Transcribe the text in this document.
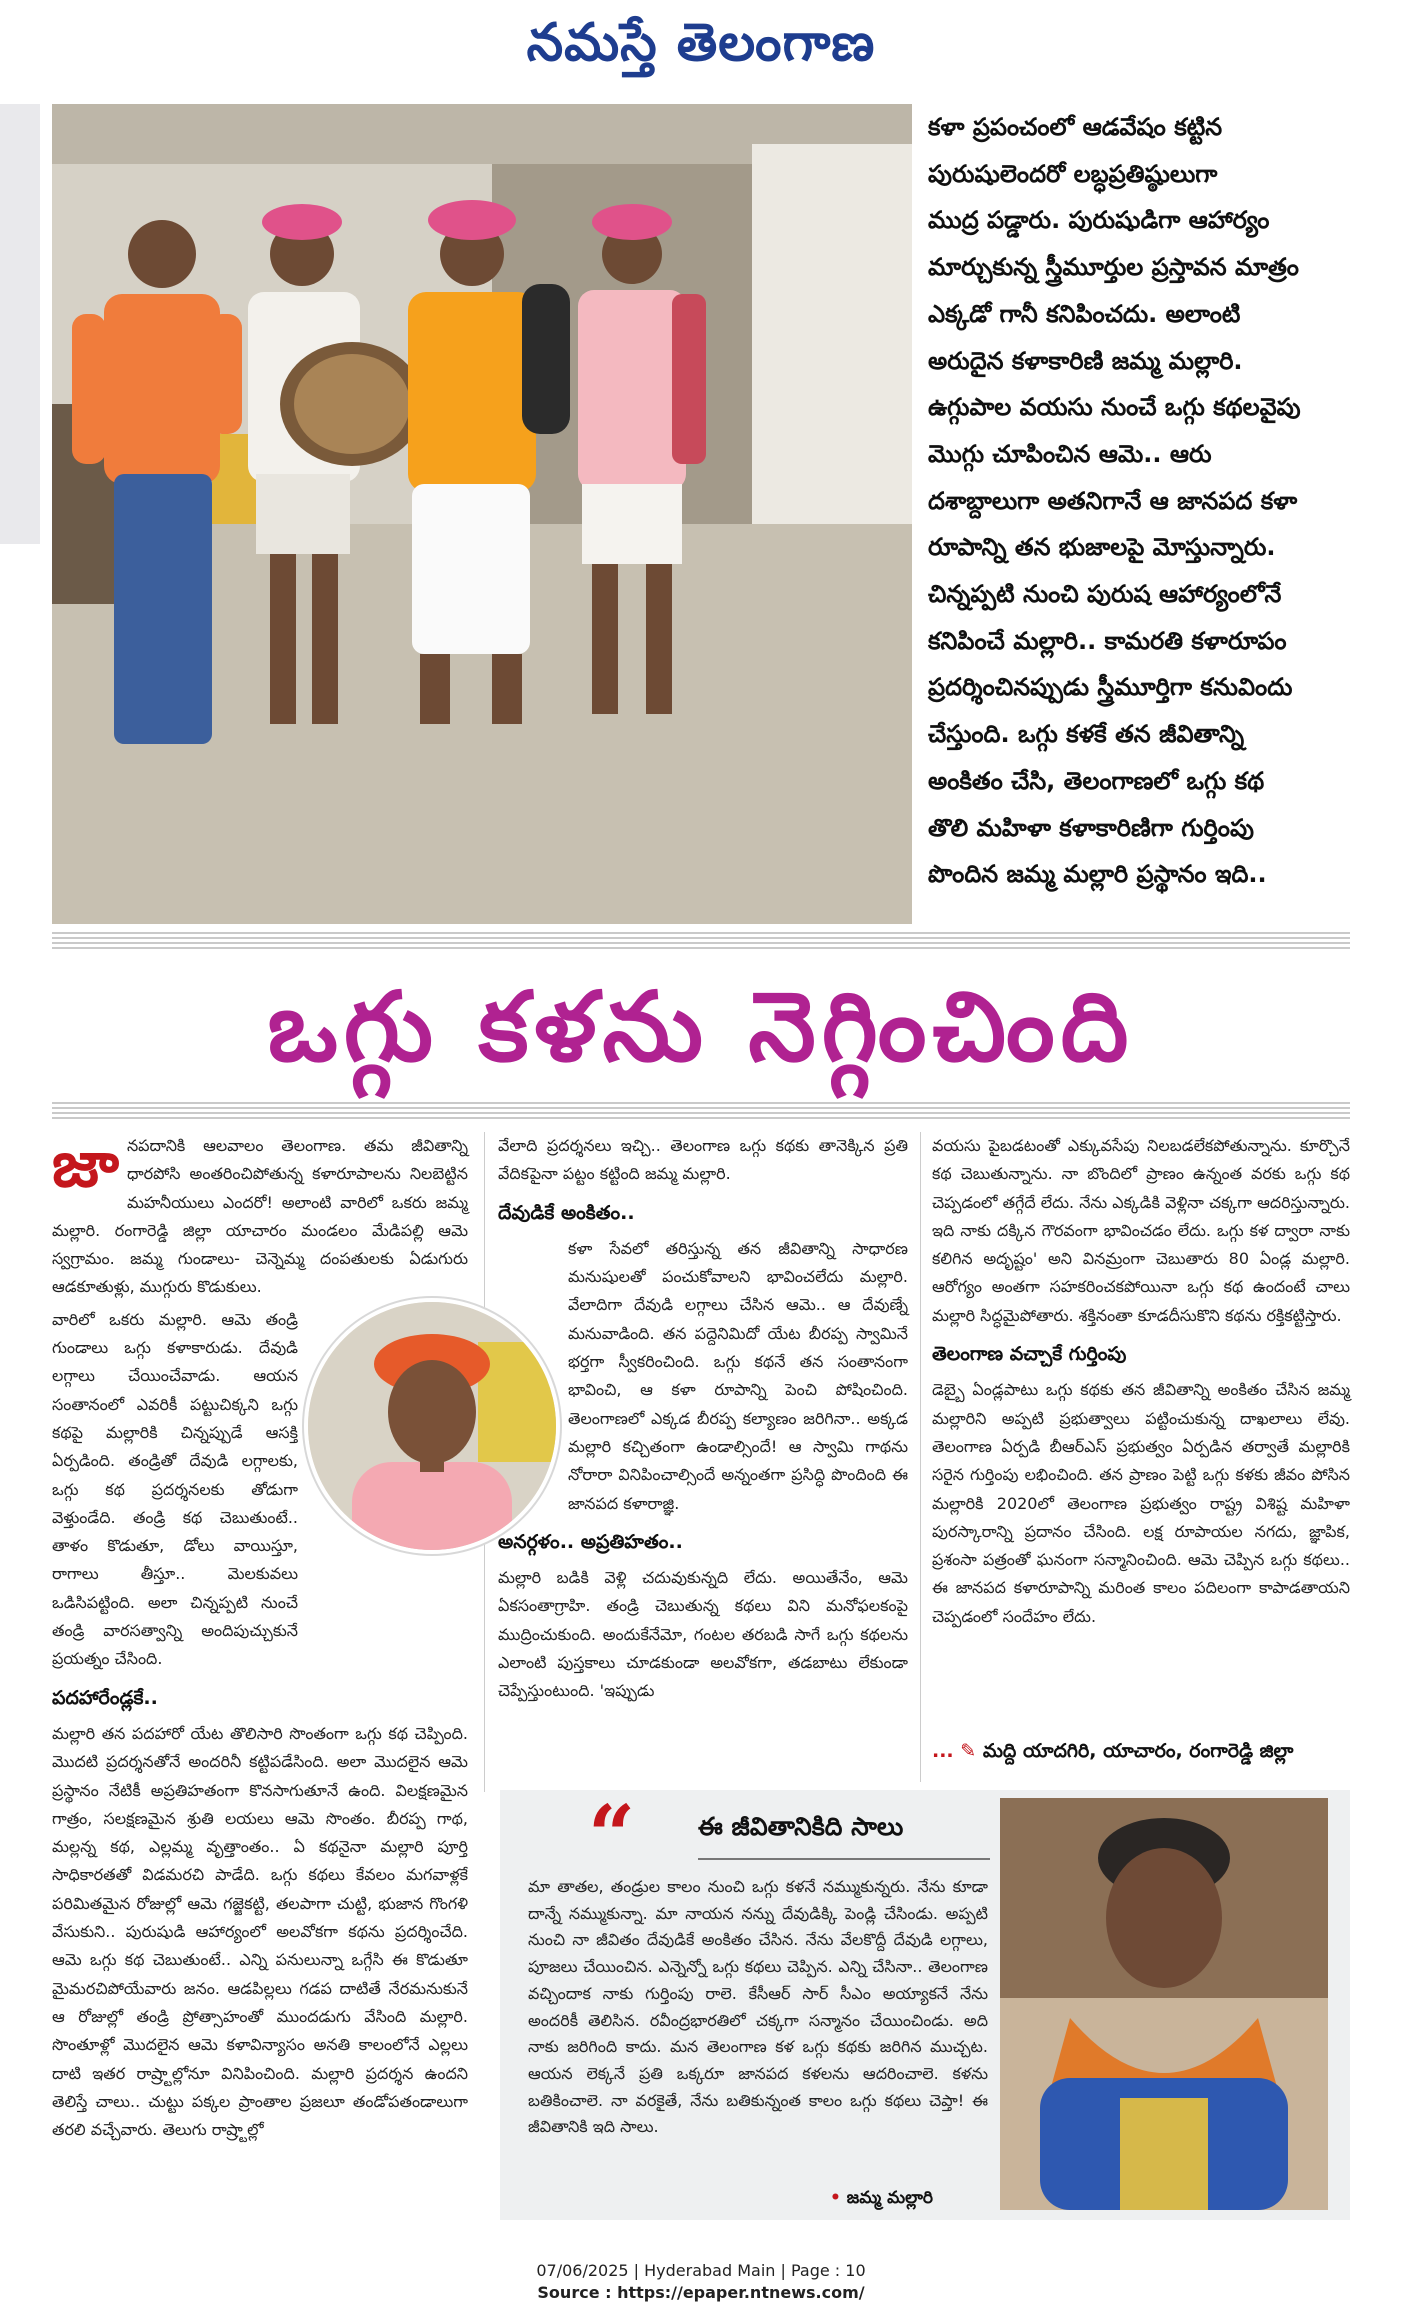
నమస్తే తెలంగాణ

కళా ప్రపంచంలో ఆడవేషం కట్టిన

పురుషులెందరో లబ్ధప్రతిష్ఠులుగా

ముద్ర పడ్డారు. పురుషుడిగా ఆహార్యం

మార్చుకున్న స్త్రీమూర్తుల ప్రస్తావన మాత్రం

ఎక్కడో గానీ కనిపించదు. అలాంటి

అరుదైన కళాకారిణి జమ్మ మల్లారి.

ఉగ్గుపాల వయసు నుంచే ఒగ్గు కథలవైపు

మొగ్గు చూపించిన ఆమె.. ఆరు

దశాబ్దాలుగా అతనిగానే ఆ జానపద కళా

రూపాన్ని తన భుజాలపై మోస్తున్నారు.

చిన్నప్పటి నుంచి పురుష ఆహార్యంలోనే

కనిపించే మల్లారి.. కామరతి కళారూపం

ప్రదర్శించినప్పుడు స్త్రీమూర్తిగా కనువిందు

చేస్తుంది. ఒగ్గు కళకే తన జీవితాన్ని

అంకితం చేసి, తెలంగాణలో ఒగ్గు కథ

తొలి మహిళా కళాకారిణిగా గుర్తింపు

పొందిన జమ్మ మల్లారి ప్రస్థానం ఇది..

ఒగ్గు కళను నెగ్గించింది

జానపదానికి ఆలవాలం తెలంగాణ. తమ జీవితాన్ని ధారపోసి అంతరించిపోతున్న కళారూపాలను నిలబెట్టిన మహనీయులు ఎందరో! అలాంటి వారిలో ఒకరు జమ్మ మల్లారి. రంగారెడ్డి జిల్లా యాచారం మండలం మేడిపల్లి ఆమె స్వగ్రామం. జమ్మ గుండాలు- చెన్నెమ్మ దంపతులకు ఏడుగురు ఆడకూతుళ్లు, ముగ్గురు కొడుకులు.

వారిలో ఒకరు మల్లారి. ఆమె తండ్రి గుండాలు ఒగ్గు కళాకారుడు. దేవుడి లగ్గాలు చేయించేవాడు. ఆయన సంతానంలో ఎవరికీ పట్టుచిక్కని ఒగ్గు కథపై మల్లారికి చిన్నప్పుడే ఆసక్తి ఏర్పడింది. తండ్రితో దేవుడి లగ్గాలకు, ఒగ్గు కథ ప్రదర్శనలకు తోడుగా వెళ్తుండేది. తండ్రి కథ చెబుతుంటే.. తాళం కొడుతూ, డోలు వాయిస్తూ, రాగాలు తీస్తూ.. మెలకువలు ఒడిసిపట్టింది. అలా చిన్నప్పటి నుంచే తండ్రి వారసత్వాన్ని అందిపుచ్చుకునే ప్రయత్నం చేసింది.

పదహారేండ్లకే..

మల్లారి తన పదహారో యేట తొలిసారి సొంతంగా ఒగ్గు కథ చెప్పింది. మొదటి ప్రదర్శనతోనే అందరినీ కట్టిపడేసింది. అలా మొదలైన ఆమె ప్రస్థానం నేటికీ అప్రతిహతంగా కొనసాగుతూనే ఉంది. విలక్షణమైన గాత్రం, సలక్షణమైన శ్రుతి లయలు ఆమె సొంతం. బీరప్ప గాథ, మల్లన్న కథ, ఎల్లమ్మ వృత్తాంతం.. ఏ కథనైనా మల్లారి పూర్తి సాధికారతతో విడమరచి పాడేది. ఒగ్గు కథలు కేవలం మగవాళ్లకే పరిమితమైన రోజుల్లో ఆమె గజ్జెకట్టి, తలపాగా చుట్టి, భుజాన గొంగళి వేసుకుని.. పురుషుడి ఆహార్యంలో అలవోకగా కథను ప్రదర్శించేది. ఆమె ఒగ్గు కథ చెబుతుంటే.. ఎన్ని పనులున్నా ఒగ్గేసి ఈ కొడుతూ మైమరచిపోయేవారు జనం. ఆడపిల్లలు గడప దాటితే నేరమనుకునే ఆ రోజుల్లో తండ్రి ప్రోత్సాహంతో ముందడుగు వేసింది మల్లారి. సొంతూళ్లో మొదలైన ఆమె కళావిన్యాసం అనతి కాలంలోనే ఎల్లలు దాటి ఇతర రాష్ర్టాల్లోనూ వినిపించింది. మల్లారి ప్రదర్శన ఉందని తెలిస్తే చాలు.. చుట్టు పక్కల ప్రాంతాల ప్రజలూ తండోపతండాలుగా తరలి వచ్చేవారు. తెలుగు రాష్ర్టాల్లో

వేలాది ప్రదర్శనలు ఇచ్చి.. తెలంగాణ ఒగ్గు కథకు తానెక్కిన ప్రతి వేదికపైనా పట్టం కట్టింది జమ్మ మల్లారి.

దేవుడికే అంకితం..

కళా సేవలో తరిస్తున్న తన జీవితాన్ని సాధారణ మనుషులతో పంచుకోవాలని భావించలేదు మల్లారి. వేలాదిగా దేవుడి లగ్గాలు చేసిన ఆమె.. ఆ దేవుణ్నే మనువాడింది. తన పద్దెనిమిదో యేట బీరప్ప స్వామినే భర్తగా స్వీకరించింది. ఒగ్గు కథనే తన సంతానంగా భావించి, ఆ కళా రూపాన్ని పెంచి పోషించింది. తెలంగాణలో ఎక్కడ బీరప్ప కల్యాణం జరిగినా.. అక్కడ మల్లారి కచ్చితంగా ఉండాల్సిందే! ఆ స్వామి గాథను నోరారా వినిపించాల్సిందే అన్నంతగా ప్రసిద్ధి పొందింది ఈ జానపద కళారాజ్ఞి.

అనర్గళం.. అప్రతిహతం..

మల్లారి బడికి వెళ్లి చదువుకున్నది లేదు. అయితేనేం, ఆమె ఏకసంతాగ్రాహి. తండ్రి చెబుతున్న కథలు విని మనోఫలకంపై ముద్రించుకుంది. అందుకేనేమో, గంటల తరబడి సాగే ఒగ్గు కథలను ఎలాంటి పుస్తకాలు చూడకుండా అలవోకగా, తడబాటు లేకుండా చెప్పేస్తుంటుంది. 'ఇప్పుడు

వయసు పైబడటంతో ఎక్కువసేపు నిలబడలేకపోతున్నాను. కూర్చొనే కథ చెబుతున్నాను. నా బొందిలో ప్రాణం ఉన్నంత వరకు ఒగ్గు కథ చెప్పడంలో తగ్గేదే లేదు. నేను ఎక్కడికి వెళ్లినా చక్కగా ఆదరిస్తున్నారు. ఇది నాకు దక్కిన గౌరవంగా భావించడం లేదు. ఒగ్గు కళ ద్వారా నాకు కలిగిన అదృష్టం' అని వినమ్రంగా చెబుతారు 80 ఏండ్ల మల్లారి. ఆరోగ్యం అంతగా సహకరించకపోయినా ఒగ్గు కథ ఉందంటే చాలు మల్లారి సిద్ధమైపోతారు. శక్తినంతా కూడదీసుకొని కథను రక్తికట్టిస్తారు.

తెలంగాణ వచ్చాకే గుర్తింపు

డెబ్బై ఏండ్లపాటు ఒగ్గు కథకు తన జీవితాన్ని అంకితం చేసిన జమ్మ మల్లారిని అప్పటి ప్రభుత్వాలు పట్టించుకున్న దాఖలాలు లేవు. తెలంగాణ ఏర్పడి బీఆర్ఎస్ ప్రభుత్వం ఏర్పడిన తర్వాతే మల్లారికి సరైన గుర్తింపు లభించింది. తన ప్రాణం పెట్టి ఒగ్గు కళకు జీవం పోసిన మల్లారికి 2020లో తెలంగాణ ప్రభుత్వం రాష్ట్ర విశిష్ట మహిళా పురస్కారాన్ని ప్రదానం చేసింది. లక్ష రూపాయల నగదు, జ్ఞాపిక, ప్రశంసా పత్రంతో ఘనంగా సన్మానించింది. ఆమె చెప్పిన ఒగ్గు కథలు.. ఈ జానపద కళారూపాన్ని మరింత కాలం పదిలంగా కాపాడతాయని చెప్పడంలో సందేహం లేదు.

... ✎ మద్ది యాదగిరి, యాచారం, రంగారెడ్డి జిల్లా
“	ఈ జీవితానికిది సాలు

మా తాతల, తండ్రుల కాలం నుంచి ఒగ్గు కళనే నమ్ముకున్నరు. నేను కూడా దాన్నే నమ్ముకున్నా. మా నాయన నన్ను దేవుడిక్కి పెండ్లి చేసిండు. అప్పటి నుంచి నా జీవితం దేవుడికే అంకితం చేసిన. నేను వేలకొద్దీ దేవుడి లగ్గాలు, పూజలు చేయించిన. ఎన్నెన్నో ఒగ్గు కథలు చెప్పిన. ఎన్ని చేసినా.. తెలంగాణ వచ్చిందాక నాకు గుర్తింపు రాలె. కేసీఆర్ సార్ సీఎం అయ్యాకనే నేను అందరికీ తెలిసిన. రవీంద్రభారతిలో చక్కగా సన్మానం చేయించిండు. అది నాకు జరిగింది కాదు. మన తెలంగాణ కళ ఒగ్గు కథకు జరిగిన ముచ్చట. ఆయన లెక్కనే ప్రతి ఒక్కరూ జానపద కళలను ఆదరించాలె. కళను బతికించాలె. నా వరకైతే, నేను బతికున్నంత కాలం ఒగ్గు కథలు చెప్తా! ఈ జీవితానికి ఇది సాలు.

• జమ్మ మల్లారి
07/06/2025 | Hyderabad Main | Page : 10
Source : https://epaper.ntnews.com/
